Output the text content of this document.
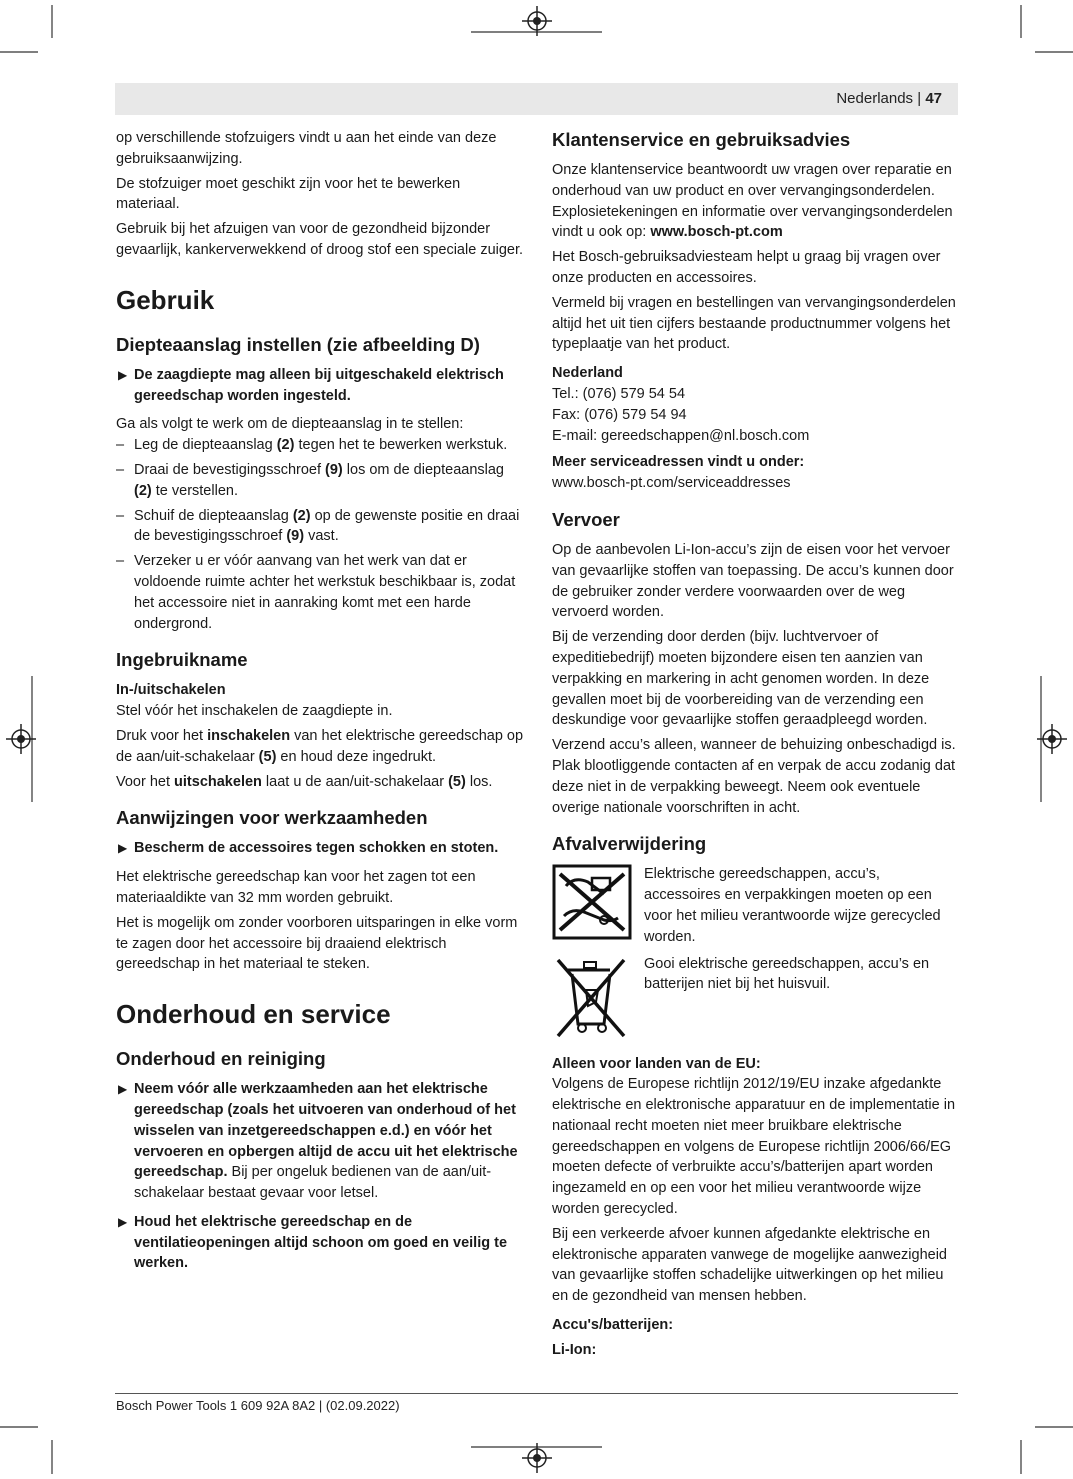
Nederlands | 47

op verschillende stofzuigers vindt u aan het einde van deze gebruiksaanwijzing.

De stofzuiger moet geschikt zijn voor het te bewerken materiaal.

Gebruik bij het afzuigen van voor de gezondheid bijzonder gevaarlijk, kankerverwekkend of droog stof een speciale zuiger.

Gebruik
Diepteaanslag instellen (zie afbeelding D)
▶ De zaagdiepte mag alleen bij uitgeschakeld elektrisch gereedschap worden ingesteld.

Ga als volgt te werk om de diepteaanslag in te stellen:

– Leg de diepteaanslag (2) tegen het te bewerken werkstuk.
– Draai de bevestigingsschroef (9) los om de diepteaanslag (2) te verstellen.
– Schuif de diepteaanslag (2) op de gewenste positie en draai de bevestigingsschroef (9) vast.
– Verzeker u er vóór aanvang van het werk van dat er voldoende ruimte achter het werkstuk beschikbaar is, zodat het accessoire niet in aanraking komt met een harde ondergrond.
Ingebruikname
In-/uitschakelen

Stel vóór het inschakelen de zaagdiepte in.

Druk voor het inschakelen van het elektrische gereedschap op de aan/uit-schakelaar (5) en houd deze ingedrukt.

Voor het uitschakelen laat u de aan/uit-schakelaar (5) los.

Aanwijzingen voor werkzaamheden
▶ Bescherm de accessoires tegen schokken en stoten.

Het elektrische gereedschap kan voor het zagen tot een materiaaldikte van 32 mm worden gebruikt.

Het is mogelijk om zonder voorboren uitsparingen in elke vorm te zagen door het accessoire bij draaiend elektrisch gereedschap in het materiaal te steken.

Onderhoud en service
Onderhoud en reiniging
▶ Neem vóór alle werkzaamheden aan het elektrische gereedschap (zoals het uitvoeren van onderhoud of het wisselen van inzetgereedschappen e.d.) en vóór het vervoeren en opbergen altijd de accu uit het elektrische gereedschap. Bij per ongeluk bedienen van de aan/uit-schakelaar bestaat gevaar voor letsel.
▶ Houd het elektrische gereedschap en de ventilatieopeningen altijd schoon om goed en veilig te werken.
Klantenservice en gebruiksadvies

Onze klantenservice beantwoordt uw vragen over reparatie en onderhoud van uw product en over vervangingsonderdelen. Explosietekeningen en informatie over vervangingsonderdelen vindt u ook op: www.bosch-pt.com

Het Bosch-gebruiksadviesteam helpt u graag bij vragen over onze producten en accessoires.

Vermeld bij vragen en bestellingen van vervangingsonderdelen altijd het uit tien cijfers bestaande productnummer volgens het typeplaatje van het product.

Nederland

Tel.: (076) 579 54 54

Fax: (076) 579 54 94

E-mail: gereedschappen@nl.bosch.com

Meer serviceadressen vindt u onder:

www.bosch-pt.com/serviceaddresses

Vervoer

Op de aanbevolen Li-Ion-accu’s zijn de eisen voor het vervoer van gevaarlijke stoffen van toepassing. De accu’s kunnen door de gebruiker zonder verdere voorwaarden over de weg vervoerd worden.

Bij de verzending door derden (bijv. luchtvervoer of expeditiebedrijf) moeten bijzondere eisen ten aanzien van verpakking en markering in acht genomen worden. In deze gevallen moet bij de voorbereiding van de verzending een deskundige voor gevaarlijke stoffen geraadpleegd worden.

Verzend accu’s alleen, wanneer de behuizing onbeschadigd is. Plak blootliggende contacten af en verpak de accu zodanig dat deze niet in de verpakking beweegt. Neem ook eventuele overige nationale voorschriften in acht.

Afvalverwijdering

Elektrische gereedschappen, accu’s, accessoires en verpakkingen moeten op een voor het milieu verantwoorde wijze gerecycled worden.

Gooi elektrische gereedschappen, accu’s en batterijen niet bij het huisvuil.

Alleen voor landen van de EU:

Volgens de Europese richtlijn 2012/19/EU inzake afgedankte elektrische en elektronische apparatuur en de implementatie in nationaal recht moeten niet meer bruikbare elektrische gereedschappen en volgens de Europese richtlijn 2006/66/EG moeten defecte of verbruikte accu’s/batterijen apart worden ingezameld en op een voor het milieu verantwoorde wijze worden gerecycled.

Bij een verkeerde afvoer kunnen afgedankte elektrische en elektronische apparaten vanwege de mogelijke aanwezigheid van gevaarlijke stoffen schadelijke uitwerkingen op het milieu en de gezondheid van mensen hebben.

Accu's/batterijen:
Li-Ion:
Bosch Power Tools 1 609 92A 8A2 | (02.09.2022)
